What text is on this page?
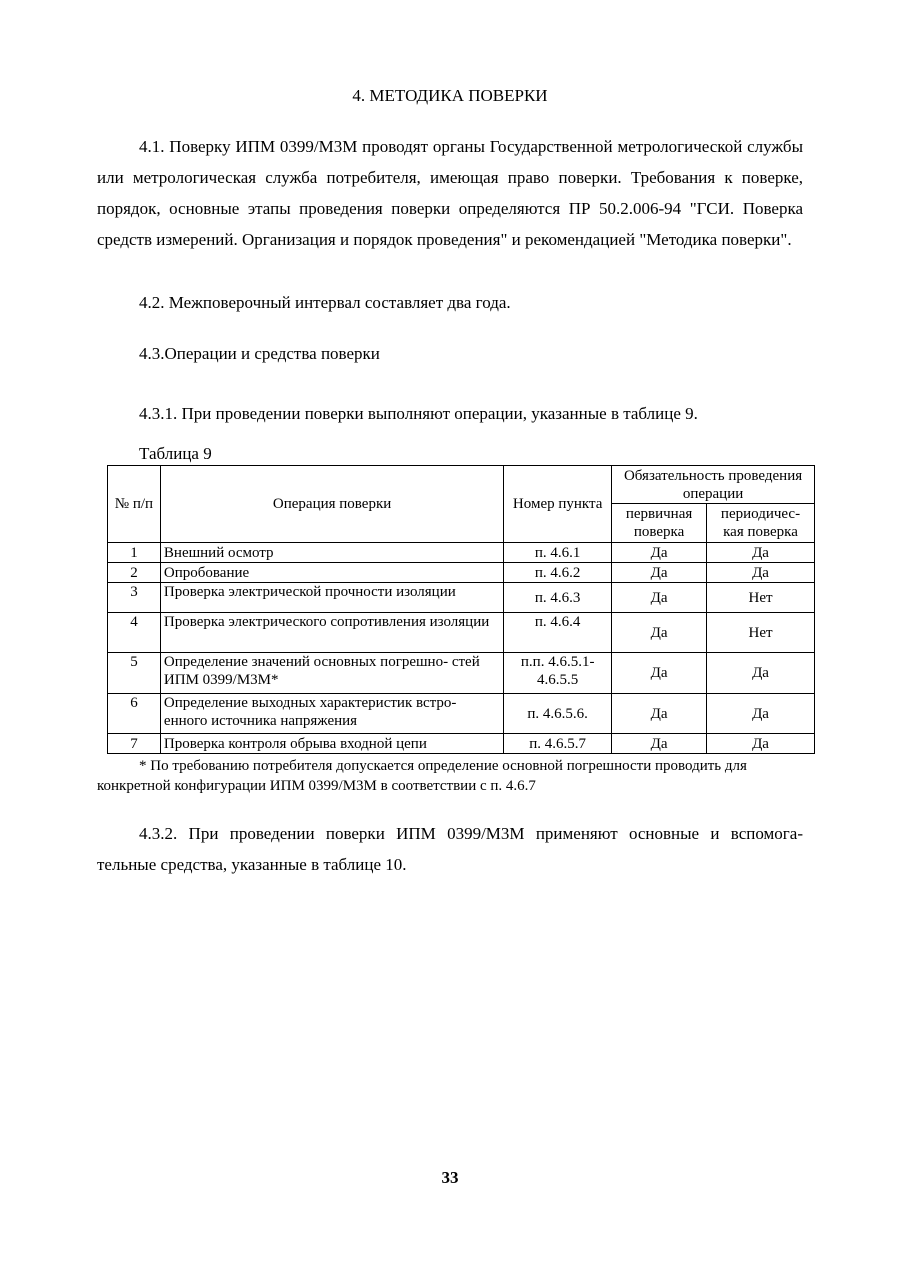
4. МЕТОДИКА ПОВЕРКИ
4.1. Поверку ИПМ 0399/М3М проводят органы Государственной метрологической службы или метрологическая служба потребителя, имеющая право поверки. Требования к поверке, порядок, основные этапы проведения поверки определяются ПР 50.2.006-94 "ГСИ. Поверка средств измерений. Организация и порядок проведения" и рекомендацией "Методика поверки".
4.2. Межповерочный интервал составляет два года.
4.3.Операции и средства поверки
4.3.1. При проведении поверки выполняют операции, указанные в таблице 9.
Таблица 9
№ п/п	Операция поверки	Номер пункта	Обязательность проведения операции	
			первичная поверка	периодичес- кая поверка
1	Внешний осмотр	п. 4.6.1	Да	Да
2	Опробование	п. 4.6.2	Да	Да
3	Проверка электрической прочности изоляции	п. 4.6.3	Да	Нет
4	Проверка электрического сопротивления изоляции	п. 4.6.4	Да	Нет
5	Определение значений основных погрешно- стей ИПМ 0399/М3М*	п.п. 4.6.5.1- 4.6.5.5	Да	Да
6	Определение выходных характеристик встро- енного источника напряжения	п. 4.6.5.6.	Да	Да
7	Проверка контроля обрыва входной цепи	п. 4.6.5.7	Да	Да
* По требованию потребителя допускается определение основной погрешности проводить для конкретной конфигурации ИПМ 0399/М3М в соответствии с п. 4.6.7
4.3.2. При проведении поверки ИПМ 0399/М3М применяют основные и вспомога- тельные средства, указанные в таблице 10.
33
